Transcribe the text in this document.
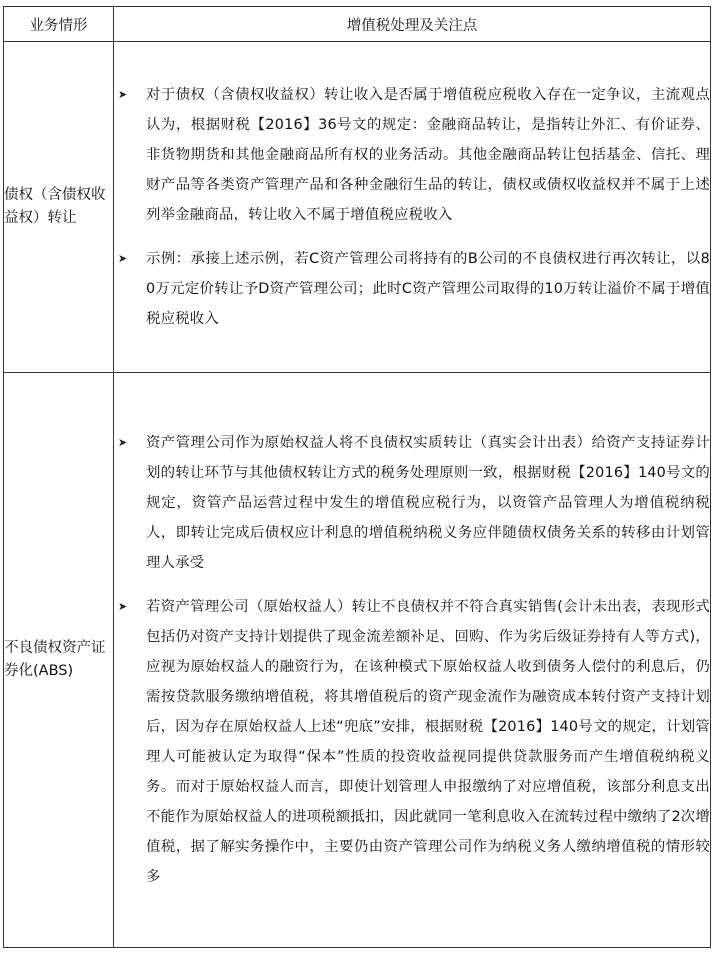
业务情形	增值税处理及关注点
债权（含债权收益权）转让	➤ 对于债权（含债权收益权）转让收入是否属于增值税应税收入存在一定争议，主流观点认为，根据财税【2016】36号文的规定：金融商品转让，是指转让外汇、有价证券、非货物期货和其他金融商品所有权的业务活动。其他金融商品转让包括基金、信托、理财产品等各类资产管理产品和各种金融衍生品的转让，债权或债权收益权并不属于上述列举金融商品，转让收入不属于增值税应税收入
➤ 示例：承接上述示例，若C资产管理公司将持有的B公司的不良债权进行再次转让，以80万元定价转让予D资产管理公司；此时C资产管理公司取得的10万转让溢价不属于增值税应税收入

不良债权资产证券化(ABS)	➤ 资产管理公司作为原始权益人将不良债权实质转让（真实会计出表）给资产支持证券计划的转让环节与其他债权转让方式的税务处理原则一致，根据财税【2016】140号文的规定，资管产品运营过程中发生的增值税应税行为，以资管产品管理人为增值税纳税人，即转让完成后债权应计利息的增值税纳税义务应伴随债权债务关系的转移由计划管理人承受
➤ 若资产管理公司（原始权益人）转让不良债权并不符合真实销售(会计未出表，表现形式包括仍对资产支持计划提供了现金流差额补足、回购、作为劣后级证券持有人等方式)，应视为原始权益人的融资行为，在该种模式下原始权益人收到债务人偿付的利息后，仍需按贷款服务缴纳增值税，将其增值税后的资产现金流作为融资成本转付资产支持计划后，因为存在原始权益人上述“兜底”安排，根据财税【2016】140号文的规定，计划管理人可能被认定为取得“保本”性质的投资收益视同提供贷款服务而产生增值税纳税义务。而对于原始权益人而言，即使计划管理人申报缴纳了对应增值税，该部分利息支出不能作为原始权益人的进项税额抵扣，因此就同一笔利息收入在流转过程中缴纳了2次增值税，据了解实务操作中，主要仍由资产管理公司作为纳税义务人缴纳增值税的情形较多
